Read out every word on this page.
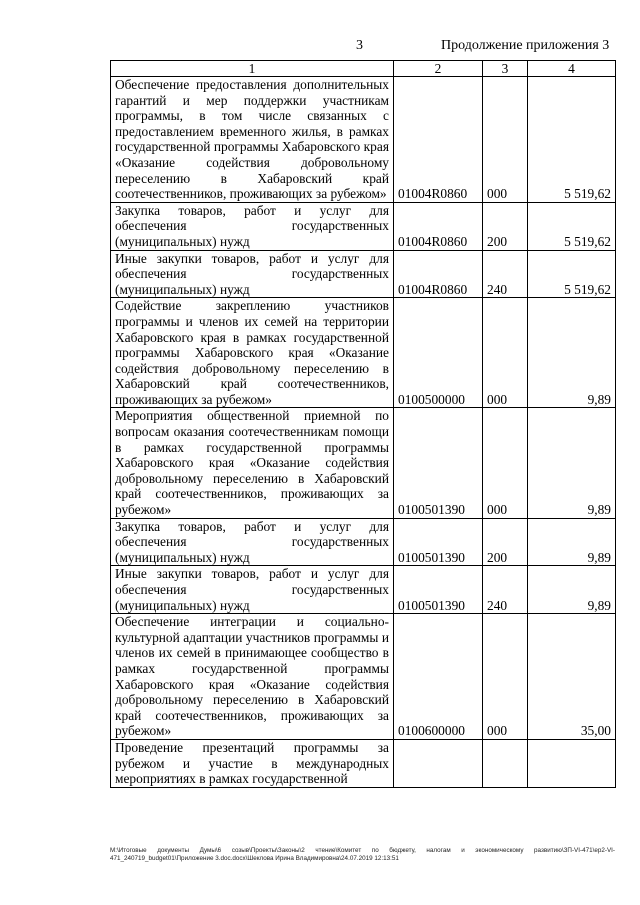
3	Продолжение приложения 3
1	2	3	4
Обеспечение предоставления дополнительных гарантий и мер поддержки участникам программы, в том числе связанных с предоставлением временного жилья, в рамках государственной программы Хабаровского края «Оказание содействия добровольному переселению в Хабаровский край соотечественников, проживающих за рубежом»	01004R0860	000	5 519,62
Закупка товаров, работ и услуг для обеспечения государственных (муниципальных) нужд	01004R0860	200	5 519,62
Иные закупки товаров, работ и услуг для обеспечения государственных (муниципальных) нужд	01004R0860	240	5 519,62
Содействие закреплению участников программы и членов их семей на территории Хабаровского края в рамках государственной программы Хабаровского края «Оказание содействия добровольному переселению в Хабаровский край соотечественников, проживающих за рубежом»	0100500000	000	9,89
Мероприятия общественной приемной по вопросам оказания соотечественникам помощи в рамках государственной программы Хабаровского края «Оказание содействия добровольному переселению в Хабаровский край соотечественников, проживающих за рубежом»	0100501390	000	9,89
Закупка товаров, работ и услуг для обеспечения государственных (муниципальных) нужд	0100501390	200	9,89
Иные закупки товаров, работ и услуг для обеспечения государственных (муниципальных) нужд	0100501390	240	9,89
Обеспечение интеграции и социально-культурной адаптации участников программы и членов их семей в принимающее сообщество в рамках государственной программы Хабаровского края «Оказание содействия добровольному переселению в Хабаровский край соотечественников, проживающих за рубежом»	0100600000	000	35,00
Проведение презентаций программы за рубежом и участие в международных мероприятиях в рамках государственной			
М:\Итоговые документы Думы\6 созыв\Проекты\Законы\2 чтение\Комитет по бюджету, налогам и экономическому развитию\ЗП-VI-471\ер2-VI-471_240719_budget01\Приложение 3.doc.docx\Шеклова Ирина Владимировна\24.07.2019 12:13:51
